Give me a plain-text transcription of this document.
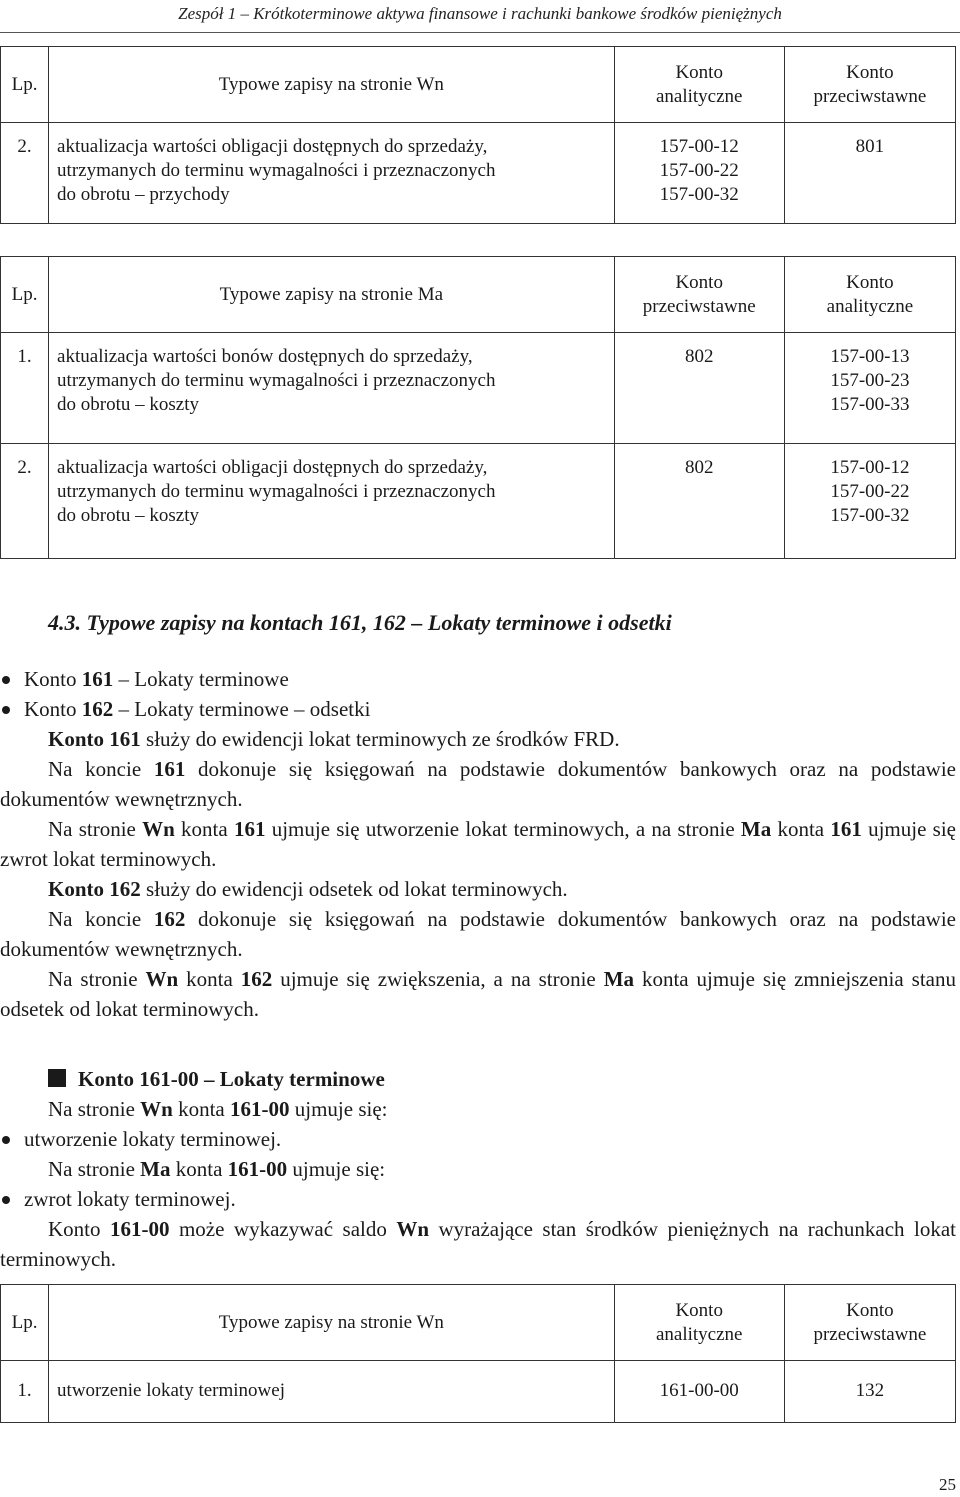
Zespół 1 – Krótkoterminowe aktywa finansowe i rachunki bankowe środków pieniężnych
Lp.	Typowe zapisy na stronie Wn	Konto
analityczne	Konto
przeciwstawne

2.	aktualizacja wartości obligacji dostępnych do sprzedaży,
utrzymanych do terminu wymagalności i przeznaczonych
do obrotu – przychody	157-00-12
157-00-22
157-00-32	801
Lp.	Typowe zapisy na stronie Ma	Konto
przeciwstawne	Konto
analityczne

1.	aktualizacja wartości bonów dostępnych do sprzedaży,
utrzymanych do terminu wymagalności i przeznaczonych
do obrotu – koszty	802	157-00-13
157-00-23
157-00-33

2.	aktualizacja wartości obligacji dostępnych do sprzedaży,
utrzymanych do terminu wymagalności i przeznaczonych
do obrotu – koszty	802	157-00-12
157-00-22
157-00-32
4.3. Typowe zapisy na kontach 161, 162 – Lokaty terminowe i odsetki

Konto 161 – Lokaty terminowe

Konto 162 – Lokaty terminowe – odsetki

Konto 161 służy do ewidencji lokat terminowych ze środków FRD.

Na koncie 161 dokonuje się księgowań na podstawie dokumentów bankowych oraz na podstawie dokumentów wewnętrznych.

Na stronie Wn konta 161 ujmuje się utworzenie lokat terminowych, a na stronie Ma konta 161 ujmuje się zwrot lokat terminowych.

Konto 162 służy do ewidencji odsetek od lokat terminowych.

Na koncie 162 dokonuje się księgowań na podstawie dokumentów bankowych oraz na podstawie dokumentów wewnętrznych.

Na stronie Wn konta 162 ujmuje się zwiększenia, a na stronie Ma konta ujmuje się zmniejszenia stanu odsetek od lokat terminowych.

Konto 161-00 – Lokaty terminowe

Na stronie Wn konta 161-00 ujmuje się:

utworzenie lokaty terminowej.

Na stronie Ma konta 161-00 ujmuje się:

zwrot lokaty terminowej.

Konto 161-00 może wykazywać saldo Wn wyrażające stan środków pieniężnych na rachunkach lokat terminowych.

Lp.	Typowe zapisy na stronie Wn	Konto
analityczne	Konto
przeciwstawne

1.	utworzenie lokaty terminowej	161-00-00	132
25
